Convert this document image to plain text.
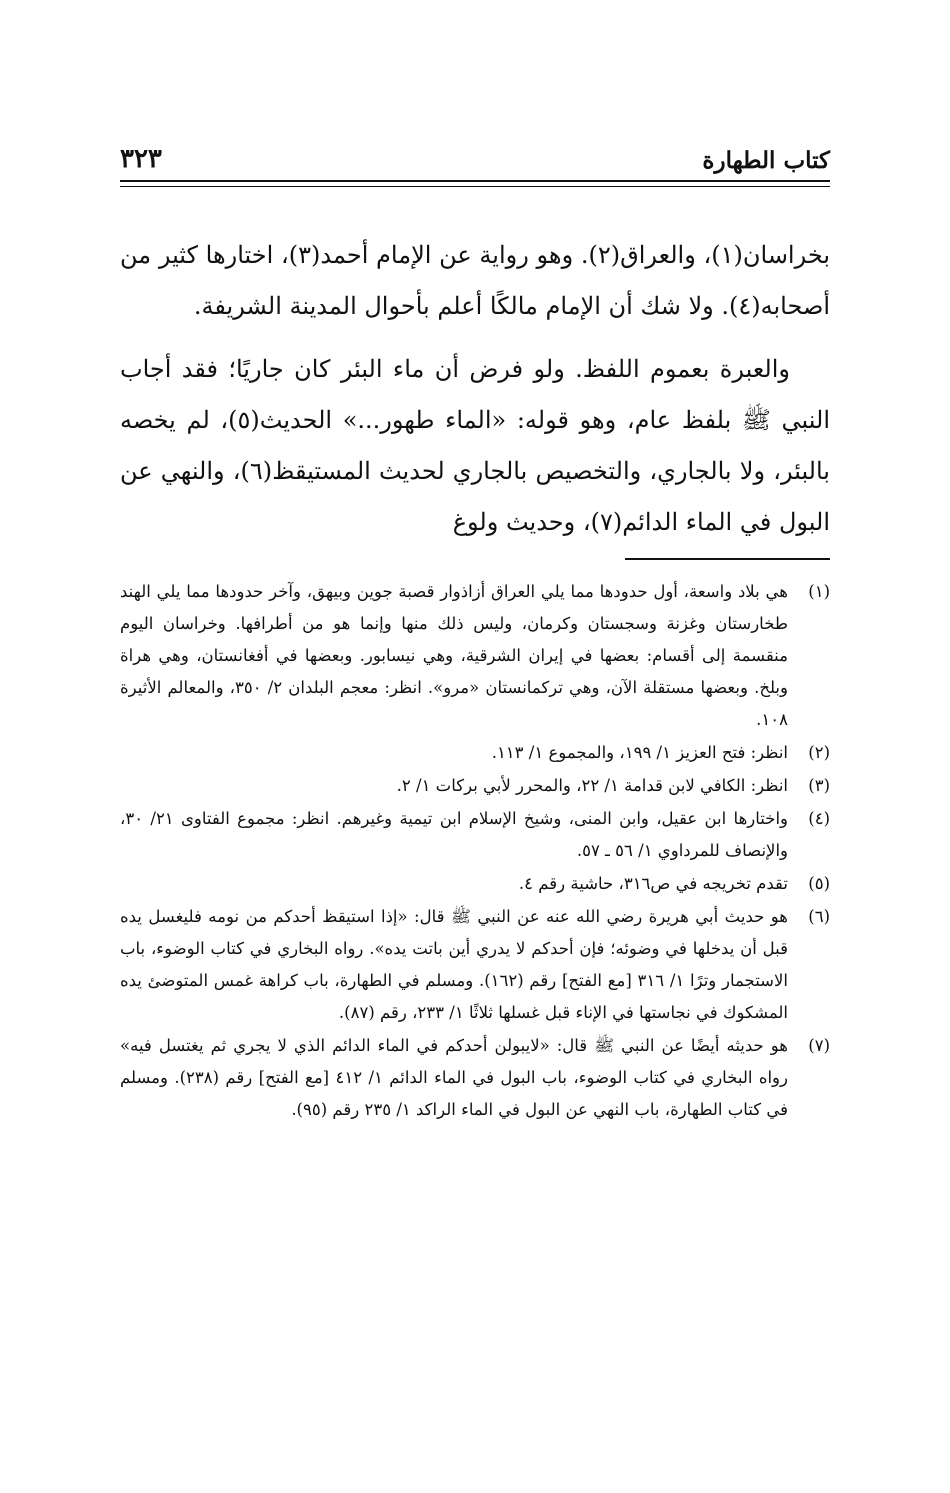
كتاب الطهارة
٣٢٣

بخراسان(١)، والعراق(٢). وهو رواية عن الإمام أحمد(٣)، اختارها كثير من أصحابه(٤). ولا شك أن الإمام مالكًا أعلم بأحوال المدينة الشريفة.

والعبرة بعموم اللفظ. ولو فرض أن ماء البئر كان جاريًا؛ فقد أجاب النبي ﷺ بلفظ عام، وهو قوله: «الماء طهور...» الحديث(٥)، لم يخصه بالبئر، ولا بالجاري، والتخصيص بالجاري لحديث المستيقظ(٦)، والنهي عن البول في الماء الدائم(٧)، وحديث ولوغ

(١)
هي بلاد واسعة، أول حدودها مما يلي العراق أزاذوار قصبة جوين وبيهق، وآخر حدودها مما يلي الهند طخارستان وغزنة وسجستان وكرمان، وليس ذلك منها وإنما هو من أطرافها. وخراسان اليوم منقسمة إلى أقسام: بعضها في إيران الشرقية، وهي نيسابور. وبعضها في أفغانستان، وهي هراة وبلخ. وبعضها مستقلة الآن، وهي تركمانستان «مرو». انظر: معجم البلدان ٢/ ٣٥٠، والمعالم الأثيرة ١٠٨.
(٢)
انظر: فتح العزيز ١/ ١٩٩، والمجموع ١/ ١١٣.
(٣)
انظر: الكافي لابن قدامة ١/ ٢٢، والمحرر لأبي بركات ١/ ٢.
(٤)
واختارها ابن عقيل، وابن المنى، وشيخ الإسلام ابن تيمية وغيرهم. انظر: مجموع الفتاوى ٢١/ ٣٠، والإنصاف للمرداوي ١/ ٥٦ ـ ٥٧.
(٥)
تقدم تخريجه في ص٣١٦، حاشية رقم ٤.
(٦)
هو حديث أبي هريرة رضي الله عنه عن النبي ﷺ قال: «إذا استيقظ أحدكم من نومه فليغسل يده قبل أن يدخلها في وضوئه؛ فإن أحدكم لا يدري أين باتت يده». رواه البخاري في كتاب الوضوء، باب الاستجمار وترًا ١/ ٣١٦ [مع الفتح] رقم (١٦٢). ومسلم في الطهارة، باب كراهة غمس المتوضئ يده المشكوك في نجاستها في الإناء قبل غسلها ثلاثًا ١/ ٢٣٣، رقم (٨٧).
(٧)
هو حديثه أيضًا عن النبي ﷺ قال: «لايبولن أحدكم في الماء الدائم الذي لا يجري ثم يغتسل فيه» رواه البخاري في كتاب الوضوء، باب البول في الماء الدائم ١/ ٤١٢ [مع الفتح] رقم (٢٣٨). ومسلم في كتاب الطهارة، باب النهي عن البول في الماء الراكد ١/ ٢٣٥ رقم (٩٥).
